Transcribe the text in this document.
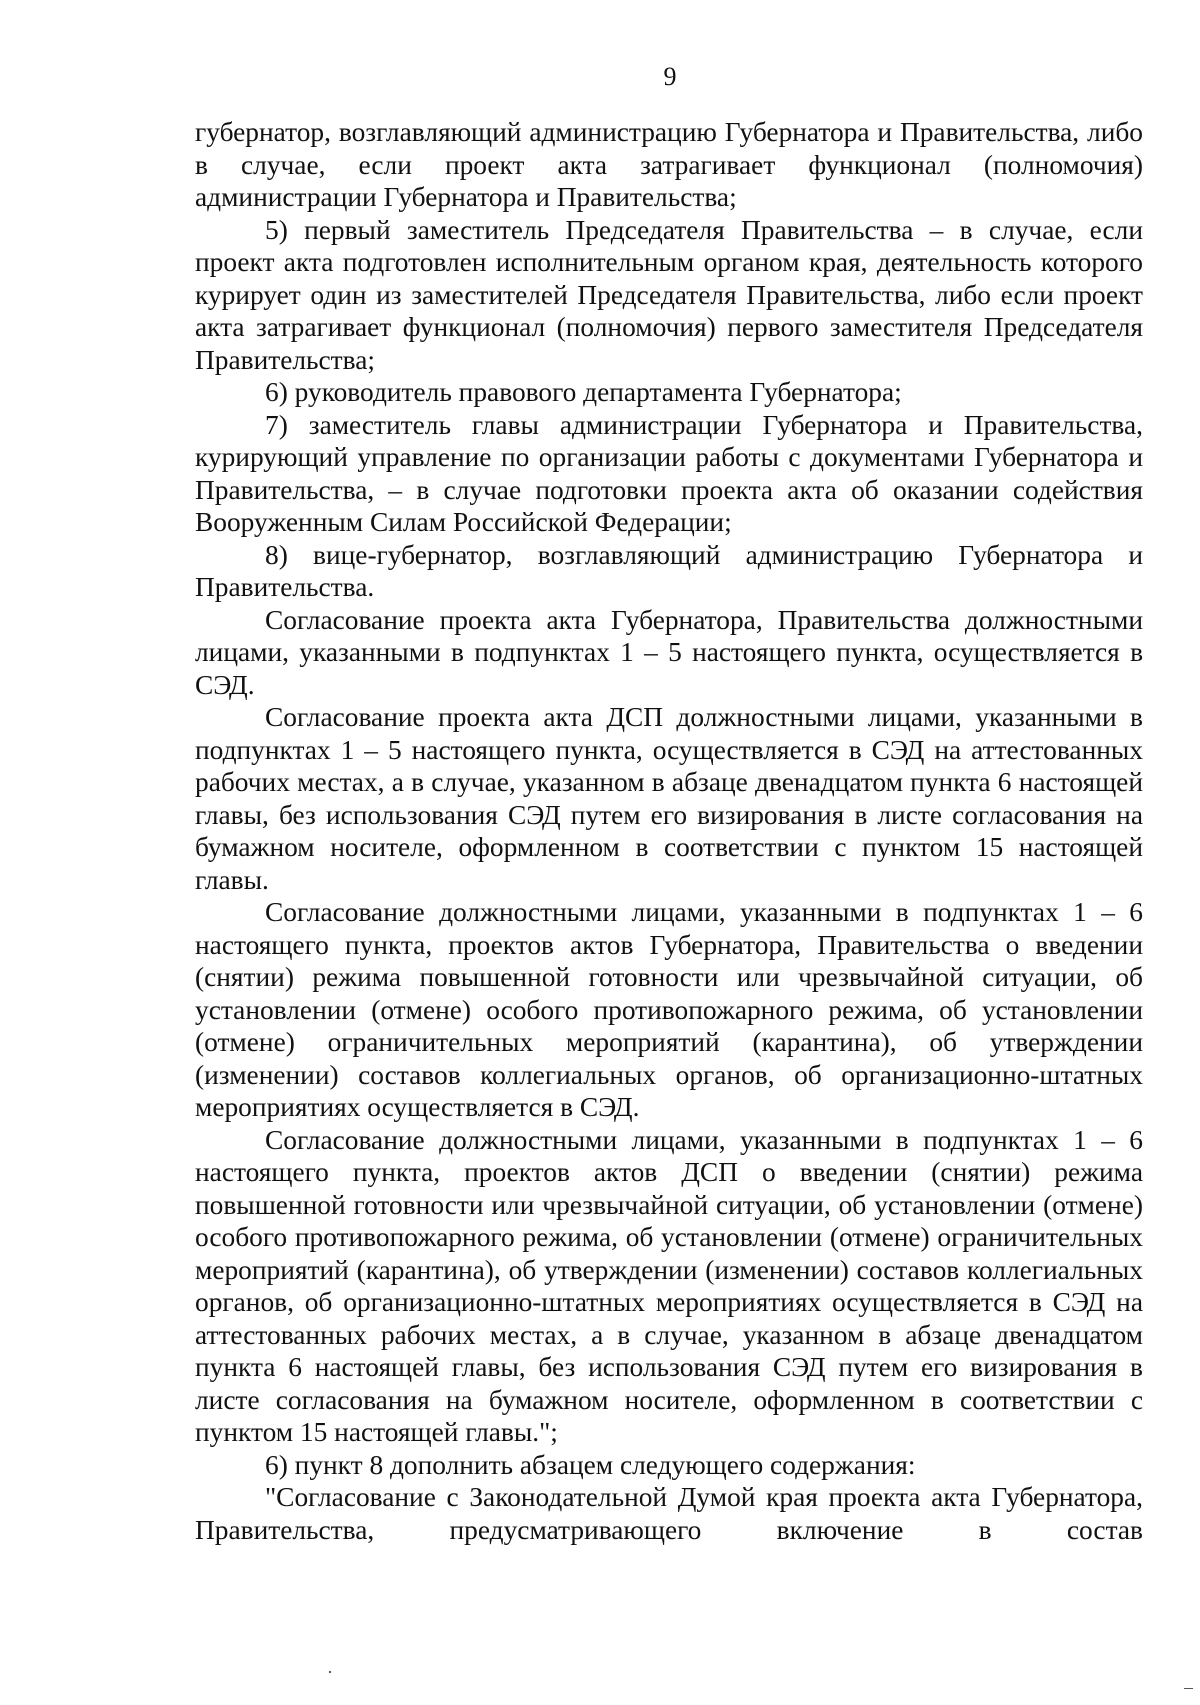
9

губернатор, возглавляющий администрацию Губернатора и Правительства, либо в случае, если проект акта затрагивает функционал (полномочия) администрации Губернатора и Правительства;

5) первый заместитель Председателя Правительства – в случае, если проект акта подготовлен исполнительным органом края, деятельность которого курирует один из заместителей Председателя Правительства, либо если проект акта затрагивает функционал (полномочия) первого заместителя Председателя Правительства;

6) руководитель правового департамента Губернатора;

7) заместитель главы администрации Губернатора и Правительства, курирующий управление по организации работы с документами Губернатора и Правительства, – в случае подготовки проекта акта об оказании содействия Вооруженным Силам Российской Федерации;

8) вице-губернатор, возглавляющий администрацию Губернатора и Правительства.

Согласование проекта акта Губернатора, Правительства должностными лицами, указанными в подпунктах 1 – 5 настоящего пункта, осуществляется в СЭД.

Согласование проекта акта ДСП должностными лицами, указанными в подпунктах 1 – 5 настоящего пункта, осуществляется в СЭД на аттестованных рабочих местах, а в случае, указанном в абзаце двенадцатом пункта 6 настоящей главы, без использования СЭД путем его визирования в листе согласования на бумажном носителе, оформленном в соответствии с пунктом 15 настоящей главы.

Согласование должностными лицами, указанными в подпунктах 1 – 6 настоящего пункта, проектов актов Губернатора, Правительства о введении (снятии) режима повышенной готовности или чрезвычайной ситуации, об установлении (отмене) особого противопожарного режима, об установлении (отмене) ограничительных мероприятий (карантина), об утверждении (изменении) составов коллегиальных органов, об организационно-штатных мероприятиях осуществляется в СЭД.

Согласование должностными лицами, указанными в подпунктах 1 – 6 настоящего пункта, проектов актов ДСП о введении (снятии) режима повышенной готовности или чрезвычайной ситуации, об установлении (отмене) особого противопожарного режима, об установлении (отмене) ограничительных мероприятий (карантина), об утверждении (изменении) составов коллегиальных органов, об организационно-штатных мероприятиях осуществляется в СЭД на аттестованных рабочих местах, а в случае, указанном в абзаце двенадцатом пункта 6 настоящей главы, без использования СЭД путем его визирования в листе согласования на бумажном носителе, оформленном в соответствии с пунктом 15 настоящей главы.";

6) пункт 8 дополнить абзацем следующего содержания:

"Согласование с Законодательной Думой края проекта акта Губернатора, Правительства, предусматривающего включение в состав
